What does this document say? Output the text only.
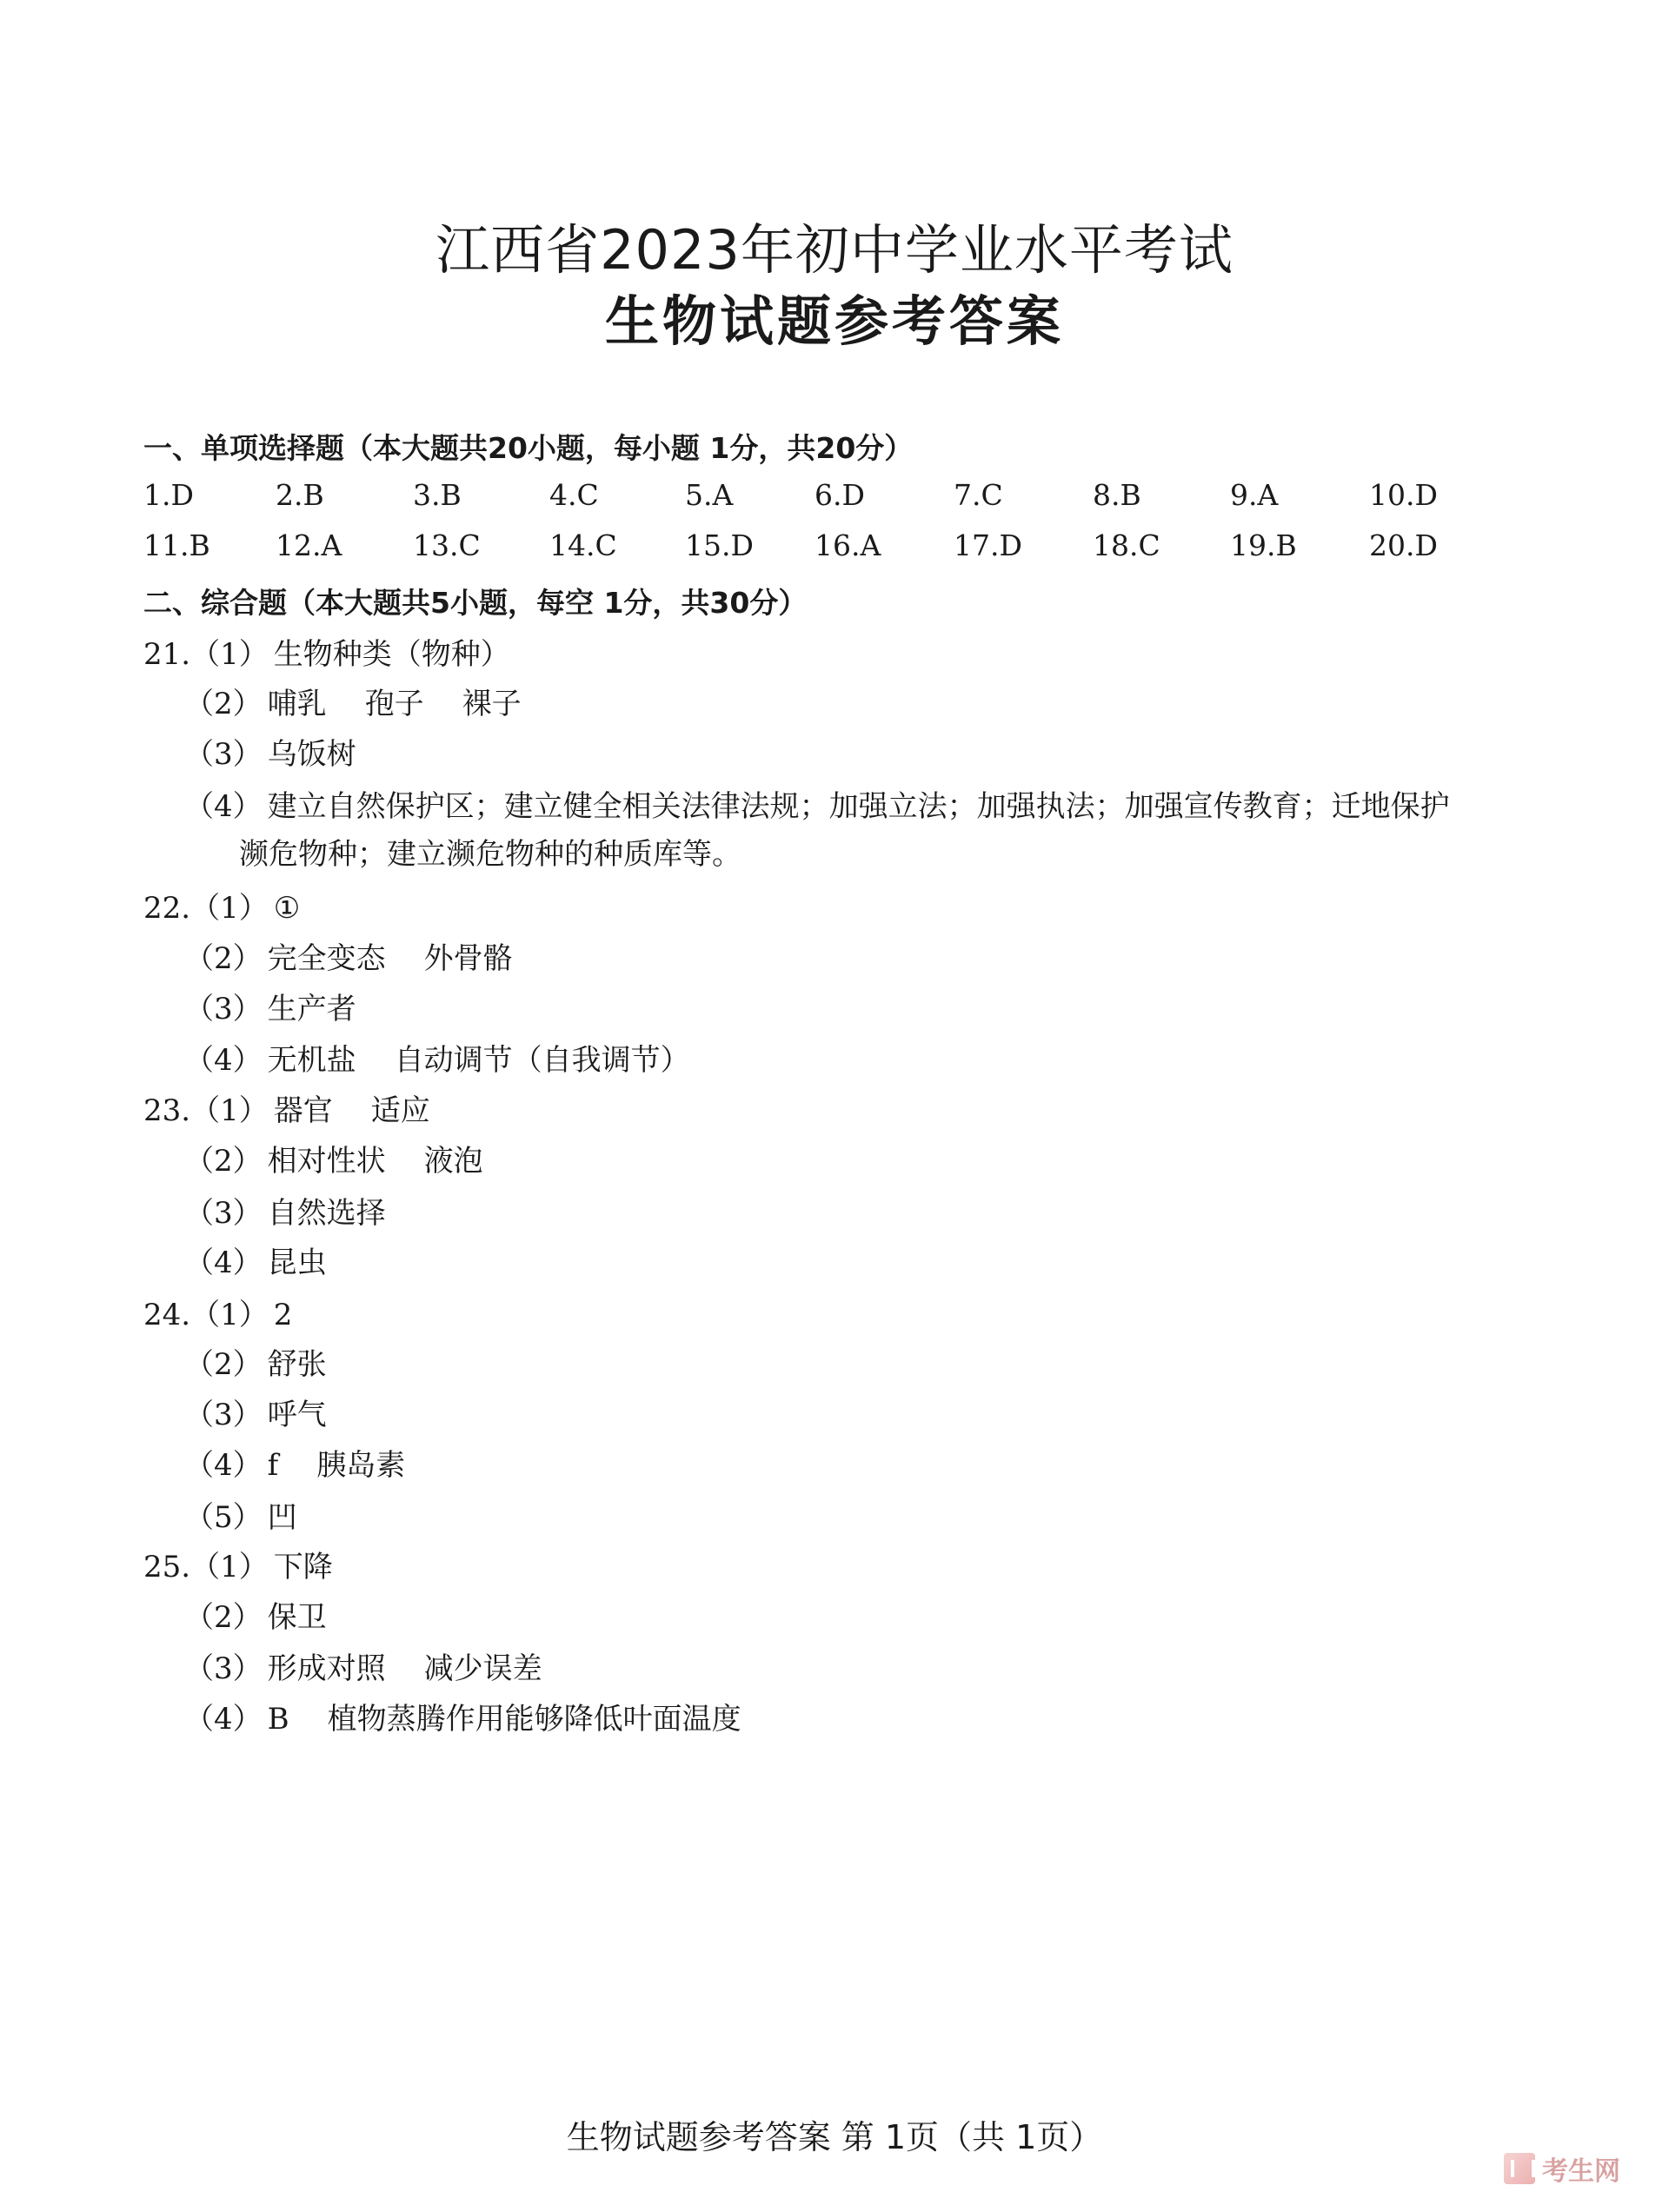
江西省2023年初中学业水平考试
生物试题参考答案
一、单项选择题（本大题共20小题，每小题 1分，共20分）
1.D	2.B	3.B	4.C	5.A	6.D	7.C	8.B	9.A	10.D
11.B 12.A 13.C 14.C 15.D 16.A	17.D 18.C 19.B	20.D
二、综合题（本大题共5小题，每空 1分，共30分）
21.（1） 生物种类（物种）
（2） 哺乳 孢子 裸子
（3） 乌饭树
（4） 建立自然保护区；建立健全相关法律法规；加强立法；加强执法；加强宣传教育；迁地保护
濒危物种；建立濒危物种的种质库等。
22.（1） ①
（2） 完全变态 外骨骼
（3） 生产者
（4） 无机盐 自动调节（自我调节）
23.（1） 器官 适应
（2） 相对性状 液泡
（3） 自然选择
（4） 昆虫
24.（1） 2
（2） 舒张
（3） 呼气
（4） f 胰岛素
（5） 凹
25.（1） 下降
（2） 保卫
（3） 形成对照 减少误差
（4） B 植物蒸腾作用能够降低叶面温度
生物试题参考答案 第 1页（共 1页）
考生网
